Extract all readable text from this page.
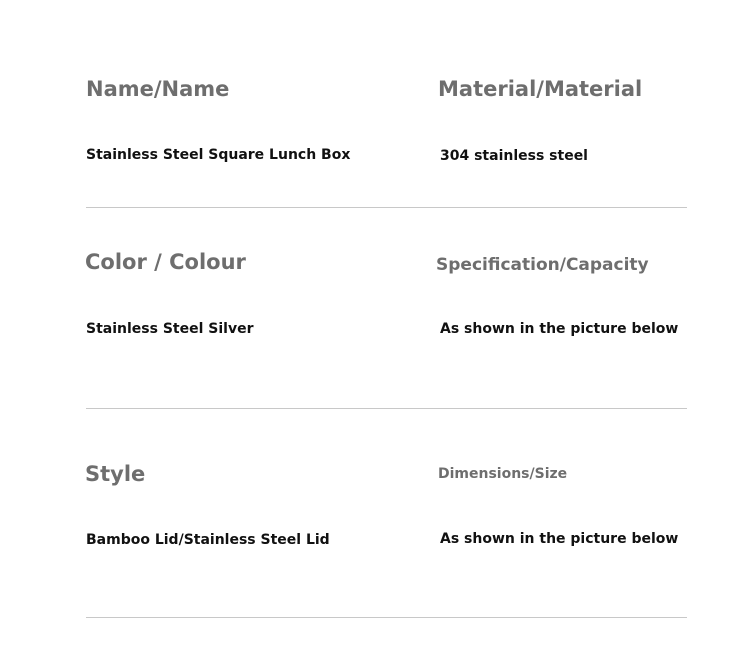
Name/Name
Stainless Steel Square Lunch Box
Material/Material
304 stainless steel
Color / Colour
Stainless Steel Silver
Specification/Capacity
As shown in the picture below
Style
Bamboo Lid/Stainless Steel Lid
Dimensions/Size
As shown in the picture below
